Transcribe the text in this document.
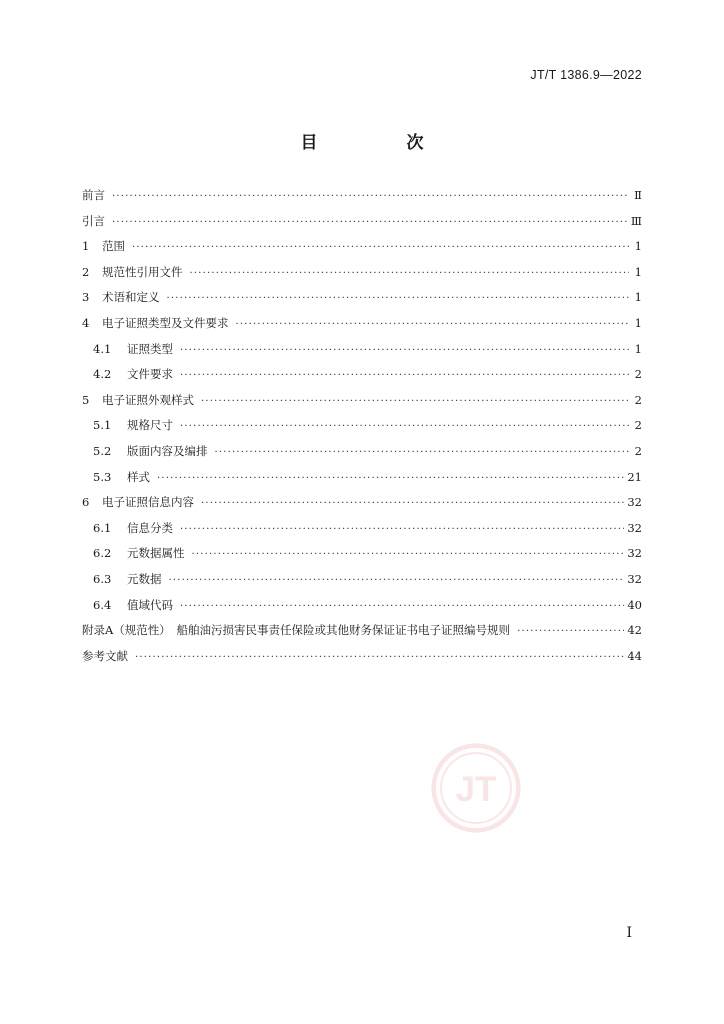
JT/T 1386.9—2022
目　次
前言 ·····	Ⅱ
引言 ·····	Ⅲ
1	范围 ·····	1
2	规范性引用文件 ·····	1
3	术语和定义 ·····	1
4	电子证照类型及文件要求 ·····	1
4.1	证照类型 ·····	1
4.2	文件要求 ·····	2
5	电子证照外观样式 ·····	2
5.1	规格尺寸 ·····	2
5.2	版面内容及编排 ·····	2
5.3	样式 ·····	21
6	电子证照信息内容 ·····	32
6.1	信息分类 ·····	32
6.2	元数据属性 ·····	32
6.3	元数据 ·····	32
6.4	值域代码 ·····	40
附录A（规范性）　船舶油污损害民事责任保险或其他财务保证证书电子证照编号规则 ·····	42
参考文献 ·····	44
JT
I
